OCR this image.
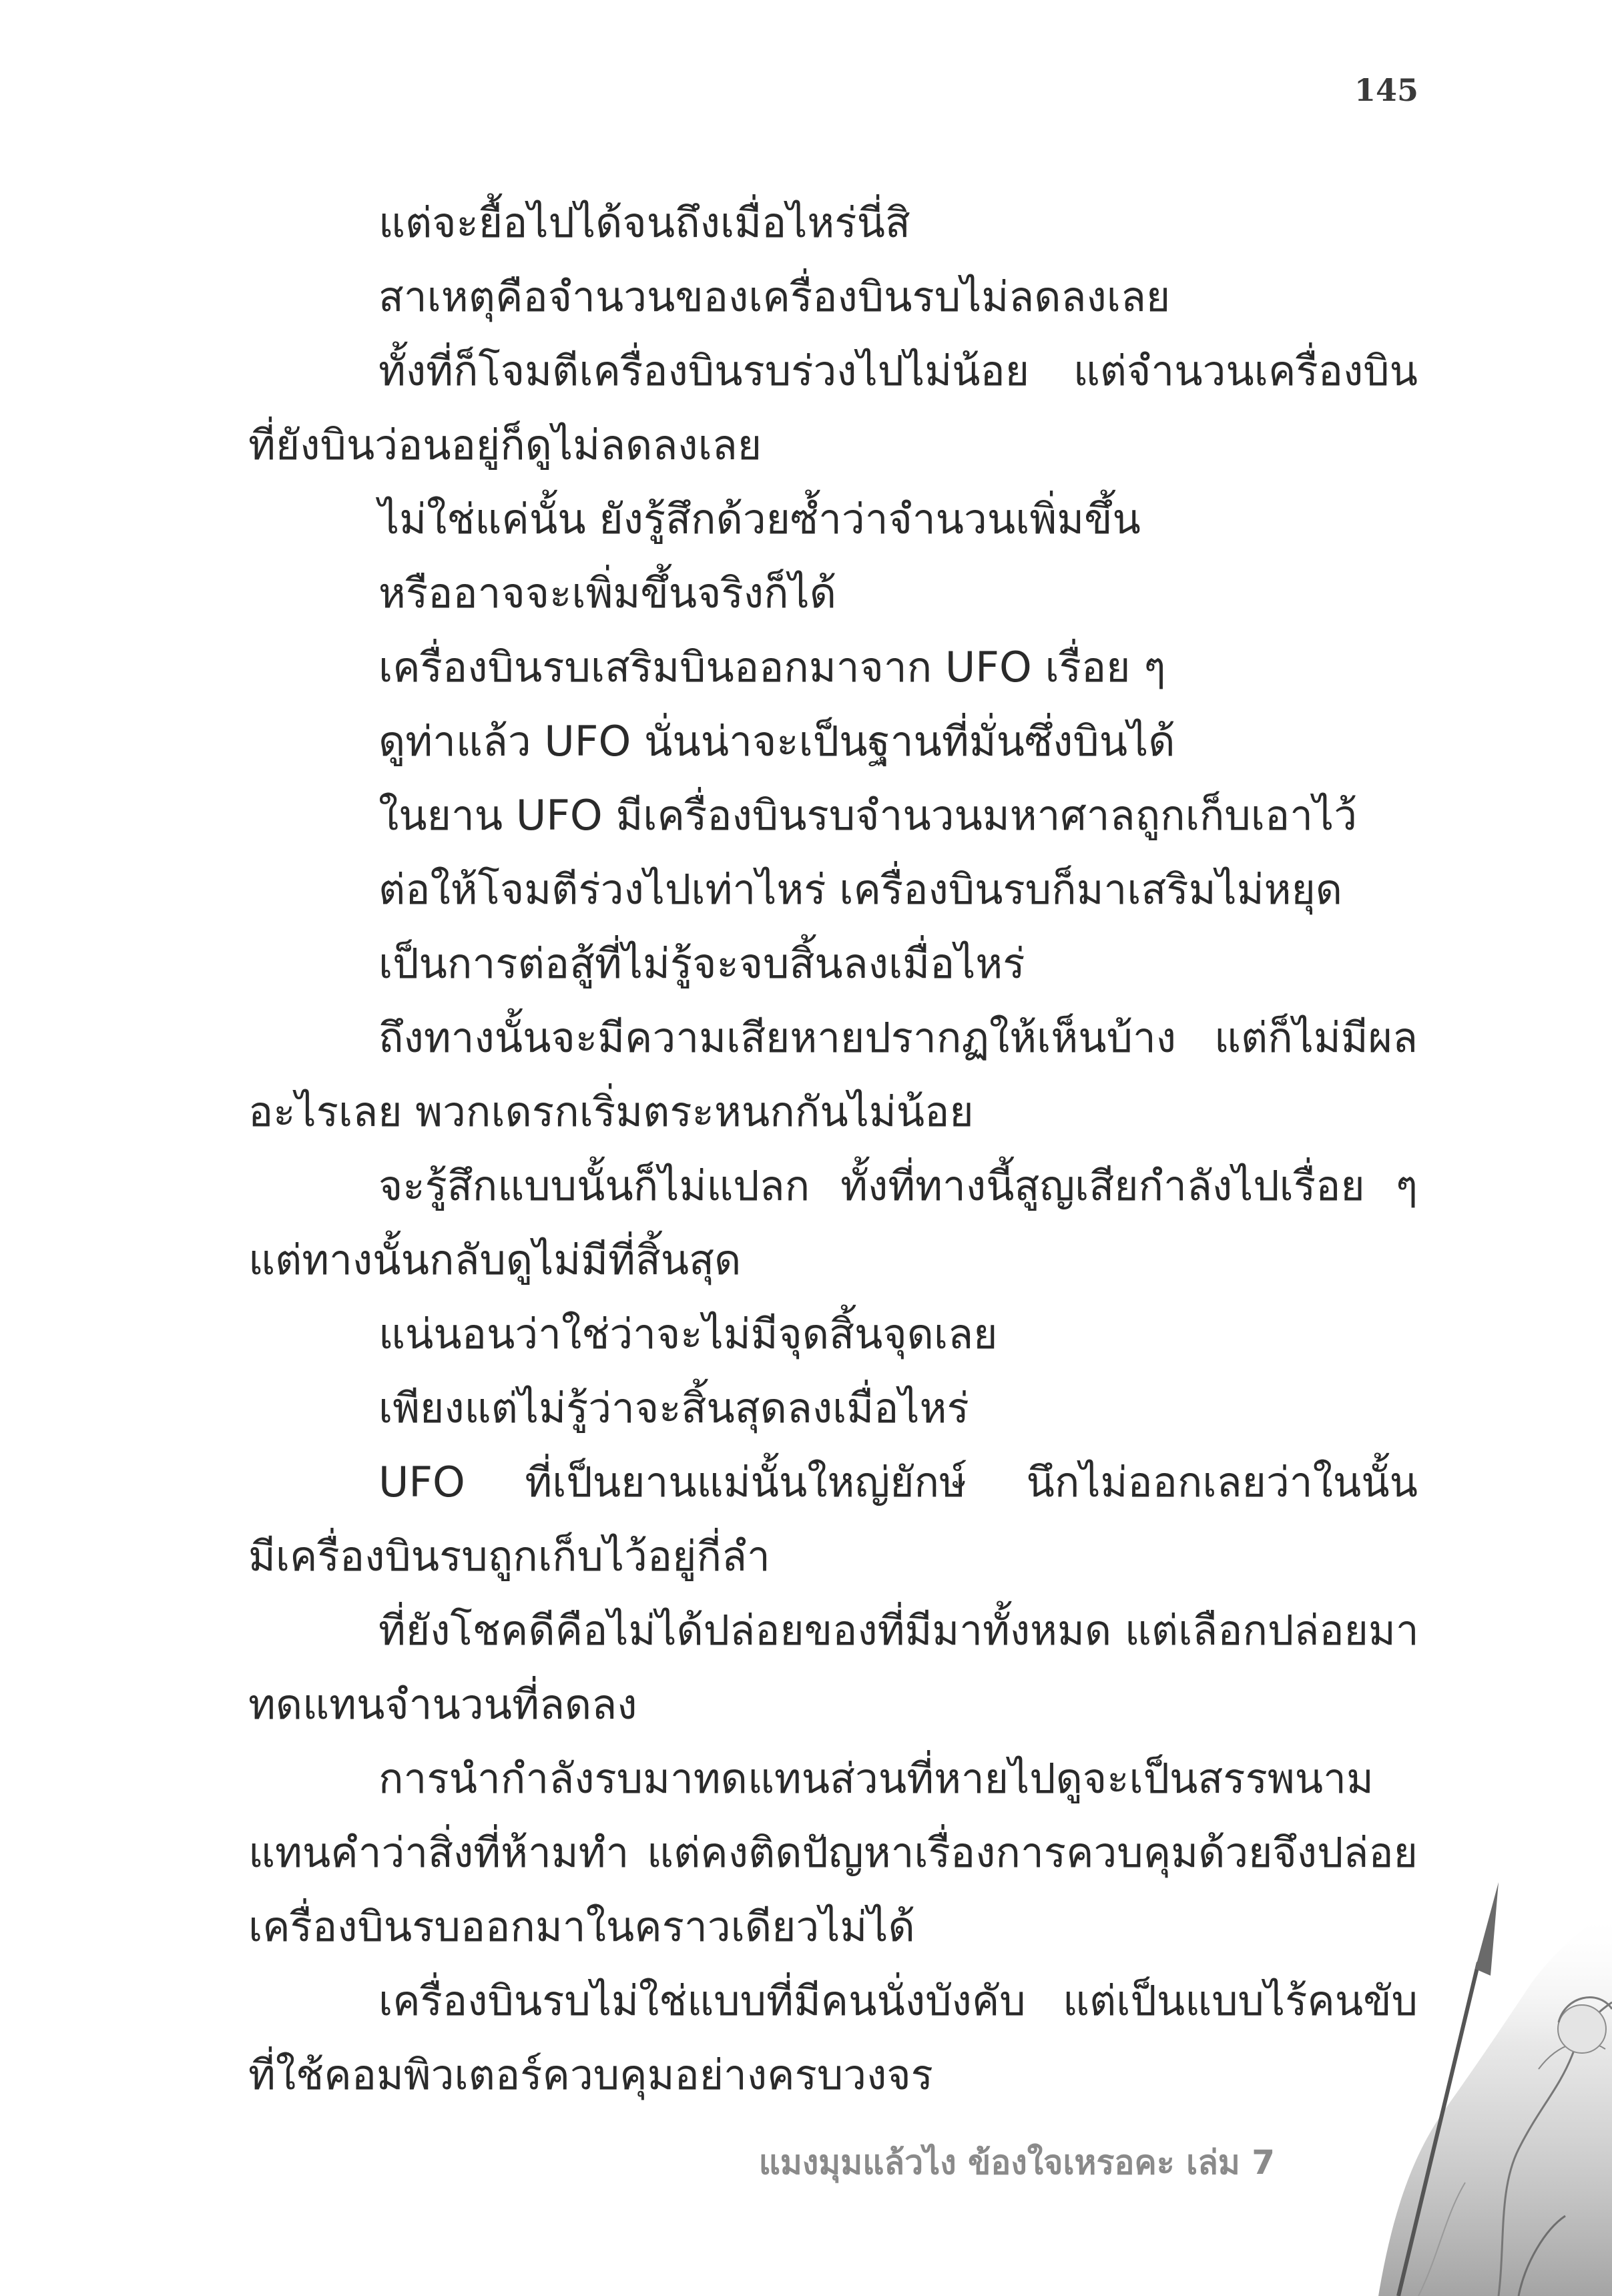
145
แต่จะยื้อไปได้จนถึงเมื่อไหร่นี่สิ
สาเหตุคือจำนวนของเครื่องบินรบไม่ลดลงเลย
ทั้งที่ก็โจมตีเครื่องบินรบร่วงไปไม่น้อย แต่จำนวนเครื่องบิน
ที่ยังบินว่อนอยู่ก็ดูไม่ลดลงเลย
ไม่ใช่แค่นั้น ยังรู้สึกด้วยซ้ำว่าจำนวนเพิ่มขึ้น
หรืออาจจะเพิ่มขึ้นจริงก็ได้
เครื่องบินรบเสริมบินออกมาจาก UFO เรื่อย ๆ
ดูท่าแล้ว UFO นั่นน่าจะเป็นฐานที่มั่นซึ่งบินได้
ในยาน UFO มีเครื่องบินรบจำนวนมหาศาลถูกเก็บเอาไว้
ต่อให้โจมตีร่วงไปเท่าไหร่ เครื่องบินรบก็มาเสริมไม่หยุด
เป็นการต่อสู้ที่ไม่รู้จะจบสิ้นลงเมื่อไหร่
ถึงทางนั้นจะมีความเสียหายปรากฏให้เห็นบ้าง แต่ก็ไม่มีผล
อะไรเลย พวกเดรกเริ่มตระหนกกันไม่น้อย
จะรู้สึกแบบนั้นก็ไม่แปลก ทั้งที่ทางนี้สูญเสียกำลังไปเรื่อย ๆ
แต่ทางนั้นกลับดูไม่มีที่สิ้นสุด
แน่นอนว่าใช่ว่าจะไม่มีจุดสิ้นจุดเลย
เพียงแต่ไม่รู้ว่าจะสิ้นสุดลงเมื่อไหร่
UFO ที่เป็นยานแม่นั้นใหญ่ยักษ์ นึกไม่ออกเลยว่าในนั้น
มีเครื่องบินรบถูกเก็บไว้อยู่กี่ลำ
ที่ยังโชคดีคือไม่ได้ปล่อยของที่มีมาทั้งหมด แต่เลือกปล่อยมา
ทดแทนจำนวนที่ลดลง
การนำกำลังรบมาทดแทนส่วนที่หายไปดูจะเป็นสรรพนาม
แทนคำว่าสิ่งที่ห้ามทำ แต่คงติดปัญหาเรื่องการควบคุมด้วยจึงปล่อย
เครื่องบินรบออกมาในคราวเดียวไม่ได้
เครื่องบินรบไม่ใช่แบบที่มีคนนั่งบังคับ แต่เป็นแบบไร้คนขับ
ที่ใช้คอมพิวเตอร์ควบคุมอย่างครบวงจร
แมงมุมแล้วไง ข้องใจเหรอคะ เล่ม 7
